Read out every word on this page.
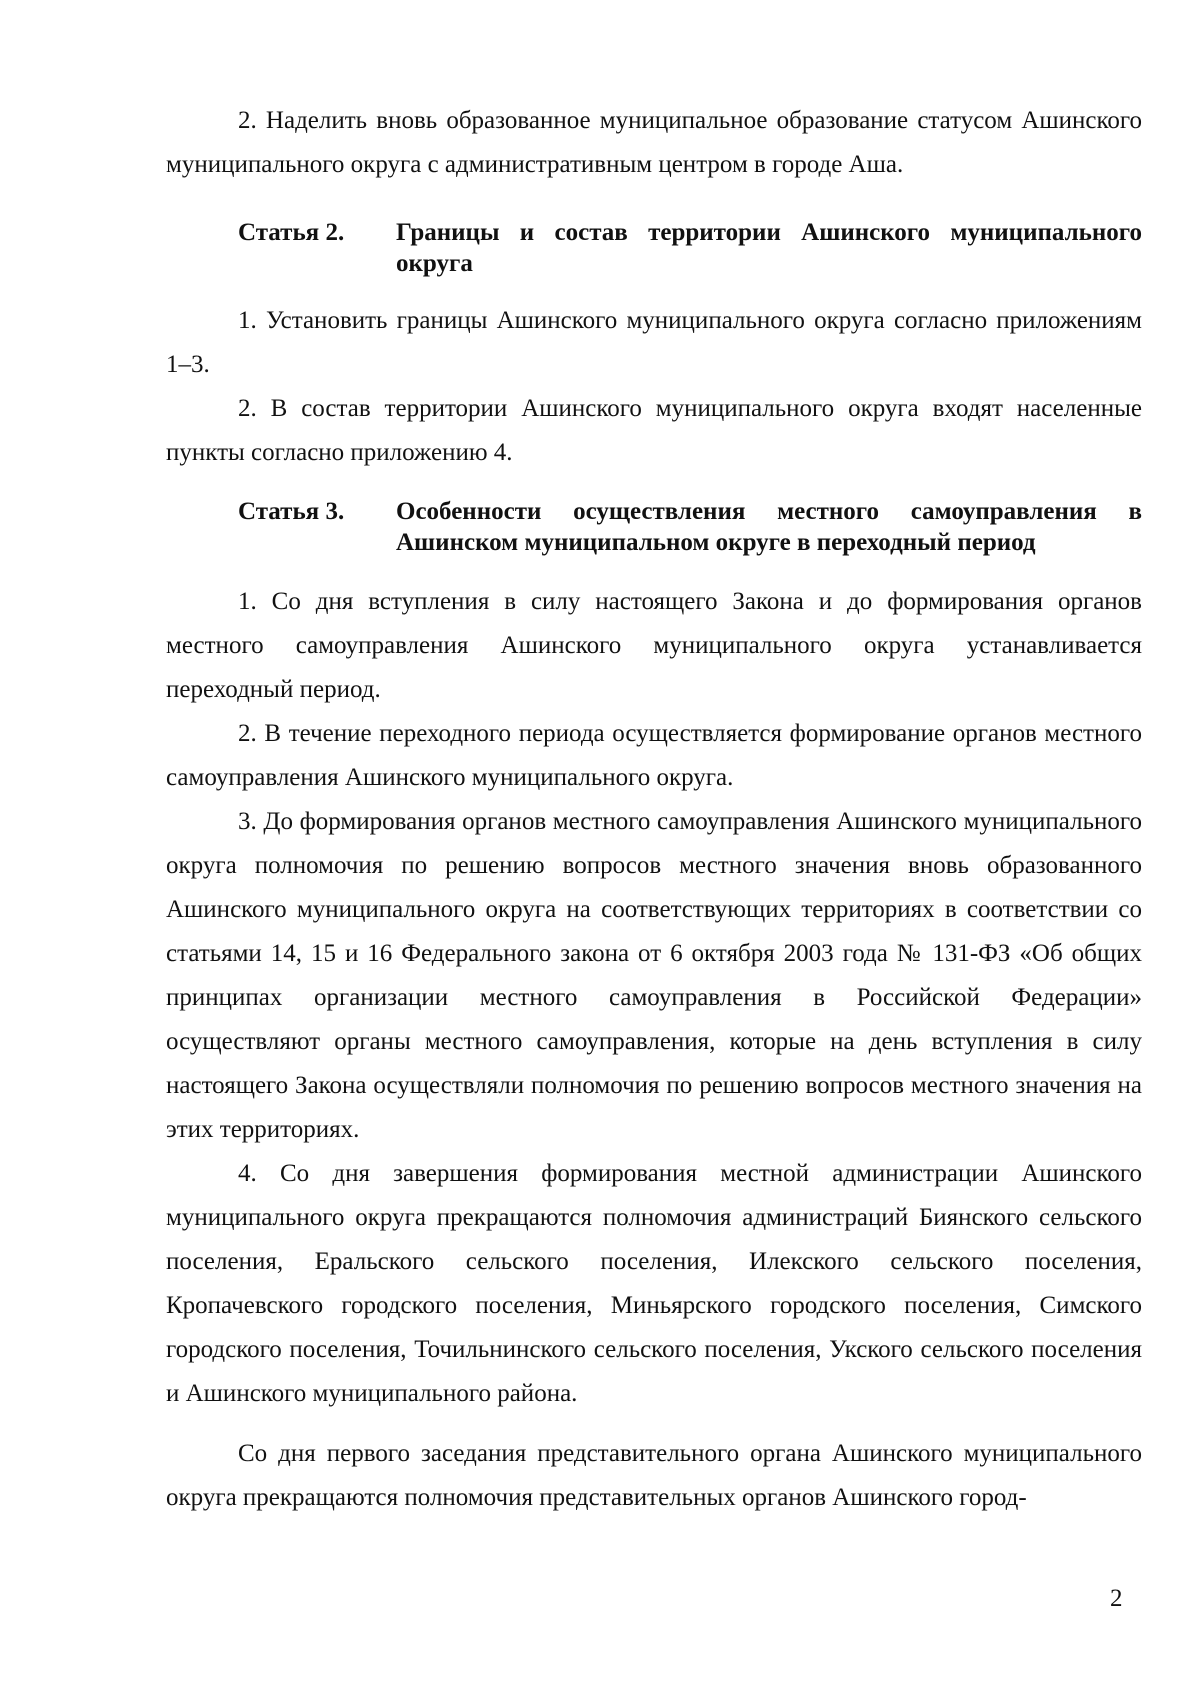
2. Наделить вновь образованное муниципальное образование статусом Ашинского муниципального округа с административным центром в городе Аша.

Статья 2.	Границы и состав территории Ашинского муниципального округа

1. Установить границы Ашинского муниципального округа согласно приложениям 1–3.

2. В состав территории Ашинского муниципального округа входят населенные пункты согласно приложению 4.

Статья 3.	Особенности осуществления местного самоуправления в Ашинском муниципальном округе в переходный период

1. Со дня вступления в силу настоящего Закона и до формирования органов местного самоуправления Ашинского муниципального округа устанавливается переходный период.

2. В течение переходного периода осуществляется формирование органов местного самоуправления Ашинского муниципального округа.

3. До формирования органов местного самоуправления Ашинского муниципального округа полномочия по решению вопросов местного значения вновь образованного Ашинского муниципального округа на соответствующих территориях в соответствии со статьями 14, 15 и 16 Федерального закона от 6 октября 2003 года № 131-ФЗ «Об общих принципах организации местного самоуправления в Российской Федерации» осуществляют органы местного самоуправления, которые на день вступления в силу настоящего Закона осуществляли полномочия по решению вопросов местного значения на этих территориях.

4. Со дня завершения формирования местной администрации Ашинского муниципального округа прекращаются полномочия администраций Биянского сельского поселения, Еральского сельского поселения, Илекского сельского поселения, Кропачевского городского поселения, Миньярского городского поселения, Симского городского поселения, Точильнинского сельского поселения, Укского сельского поселения и Ашинского муниципального района.

Со дня первого заседания представительного органа Ашинского муниципального округа прекращаются полномочия представительных органов Ашинского город-

2
